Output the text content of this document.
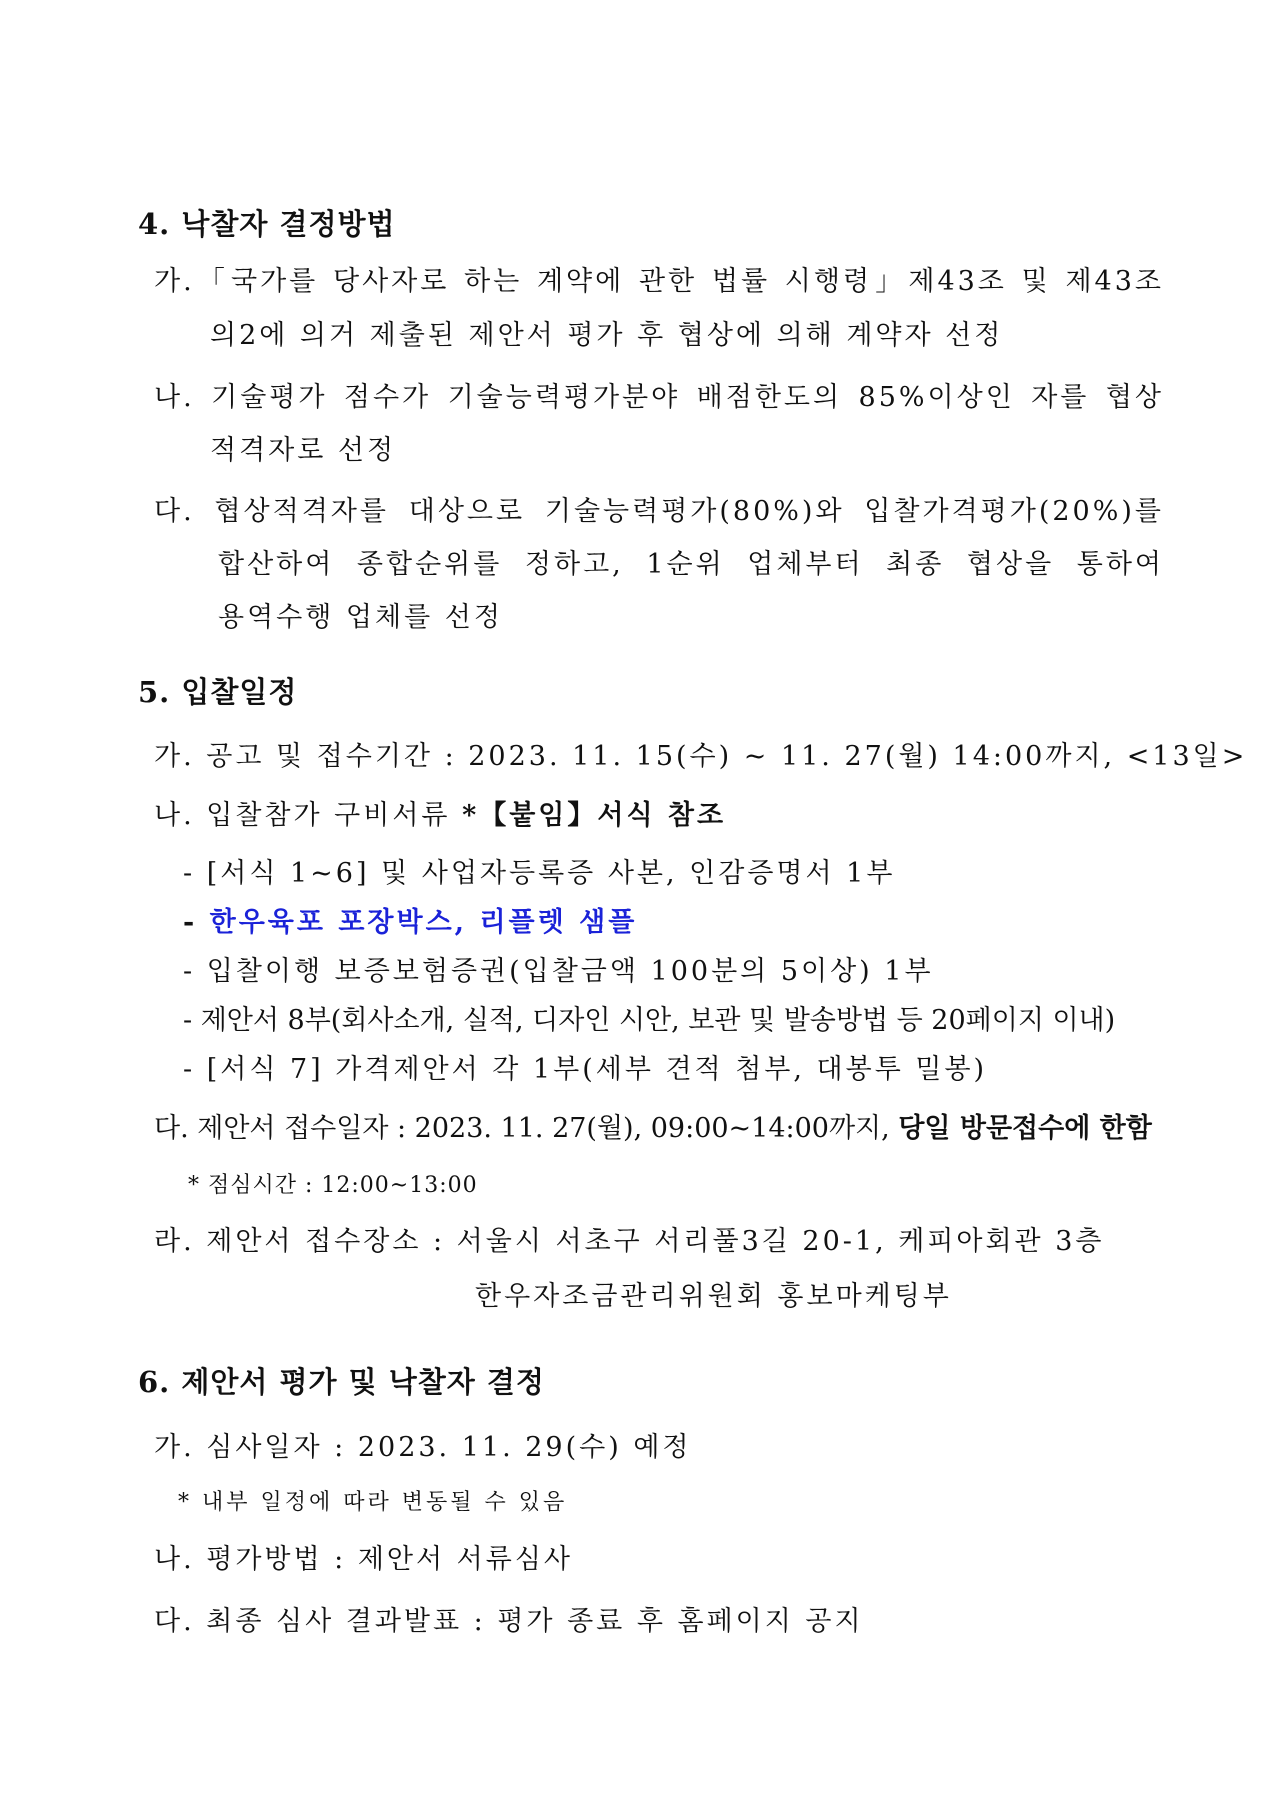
4. 낙찰자 결정방법
가.「국가를 당사자로 하는 계약에 관한 법률 시행령」제43조 및 제43조
의2에 의거 제출된 제안서 평가 후 협상에 의해 계약자 선정
나. 기술평가 점수가 기술능력평가분야 배점한도의 85%이상인 자를 협상
적격자로 선정
다. 협상적격자를 대상으로 기술능력평가(80%)와 입찰가격평가(20%)를
합산하여 종합순위를 정하고, 1순위 업체부터 최종 협상을 통하여
용역수행 업체를 선정
5. 입찰일정
가. 공고 및 접수기간 : 2023. 11. 15(수) ~ 11. 27(월) 14:00까지, <13일>
나. 입찰참가 구비서류 *【붙임】서식 참조
- [서식 1~6] 및 사업자등록증 사본, 인감증명서 1부
- 한우육포 포장박스, 리플렛 샘플
- 입찰이행 보증보험증권(입찰금액 100분의 5이상) 1부
- 제안서 8부(회사소개, 실적, 디자인 시안, 보관 및 발송방법 등 20페이지 이내)
- [서식 7] 가격제안서 각 1부(세부 견적 첨부, 대봉투 밀봉)
다. 제안서 접수일자 : 2023. 11. 27(월), 09:00~14:00까지, 당일 방문접수에 한함
* 점심시간 : 12:00~13:00
라. 제안서 접수장소 : 서울시 서초구 서리풀3길 20-1, 케피아회관 3층
한우자조금관리위원회 홍보마케팅부
6. 제안서 평가 및 낙찰자 결정
가. 심사일자 : 2023. 11. 29(수) 예정
* 내부 일정에 따라 변동될 수 있음
나. 평가방법 : 제안서 서류심사
다. 최종 심사 결과발표 : 평가 종료 후 홈페이지 공지
